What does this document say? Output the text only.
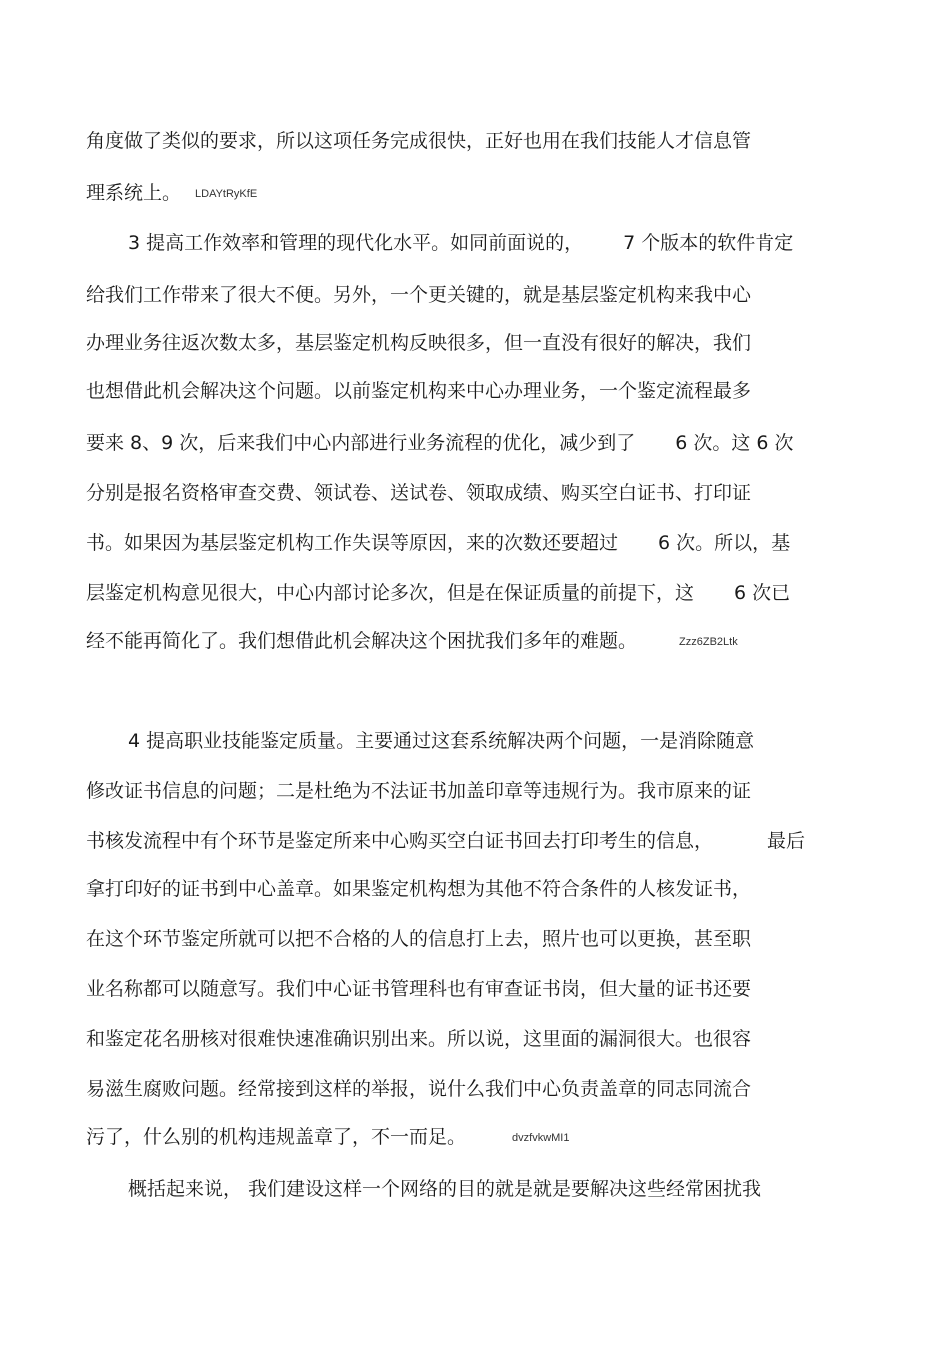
角度做了类似的要求，所以这项任务完成很快，正好也用在我们技能人才信息管
理系统上。 LDAYtRyKfE
3 提高工作效率和管理的现代化水平。如同前面说的， 7 个版本的软件肯定
给我们工作带来了很大不便。另外，一个更关键的，就是基层鉴定机构来我中心
办理业务往返次数太多，基层鉴定机构反映很多，但一直没有很好的解决，我们
也想借此机会解决这个问题。以前鉴定机构来中心办理业务，一个鉴定流程最多
要来 8、9 次，后来我们中心内部进行业务流程的优化，减少到了 6 次。这 6 次
分别是报名资格审查交费、领试卷、送试卷、领取成绩、购买空白证书、打印证
书。如果因为基层鉴定机构工作失误等原因，来的次数还要超过 6 次。所以，基
层鉴定机构意见很大，中心内部讨论多次，但是在保证质量的前提下，这 6 次已
经不能再简化了。我们想借此机会解决这个困扰我们多年的难题。	Zzz6ZB2Ltk
4 提高职业技能鉴定质量。主要通过这套系统解决两个问题，一是消除随意
修改证书信息的问题；二是杜绝为不法证书加盖印章等违规行为。我市原来的证
书核发流程中有个环节是鉴定所来中心购买空白证书回去打印考生的信息，	最后
拿打印好的证书到中心盖章。如果鉴定机构想为其他不符合条件的人核发证书，
在这个环节鉴定所就可以把不合格的人的信息打上去，照片也可以更换，甚至职
业名称都可以随意写。我们中心证书管理科也有审查证书岗，但大量的证书还要
和鉴定花名册核对很难快速准确识别出来。所以说，这里面的漏洞很大。也很容
易滋生腐败问题。经常接到这样的举报，说什么我们中心负责盖章的同志同流合
污了，什么别的机构违规盖章了，不一而足。	dvzfvkwMI1
概括起来说， 我们建设这样一个网络的目的就是就是要解决这些经常困扰我
